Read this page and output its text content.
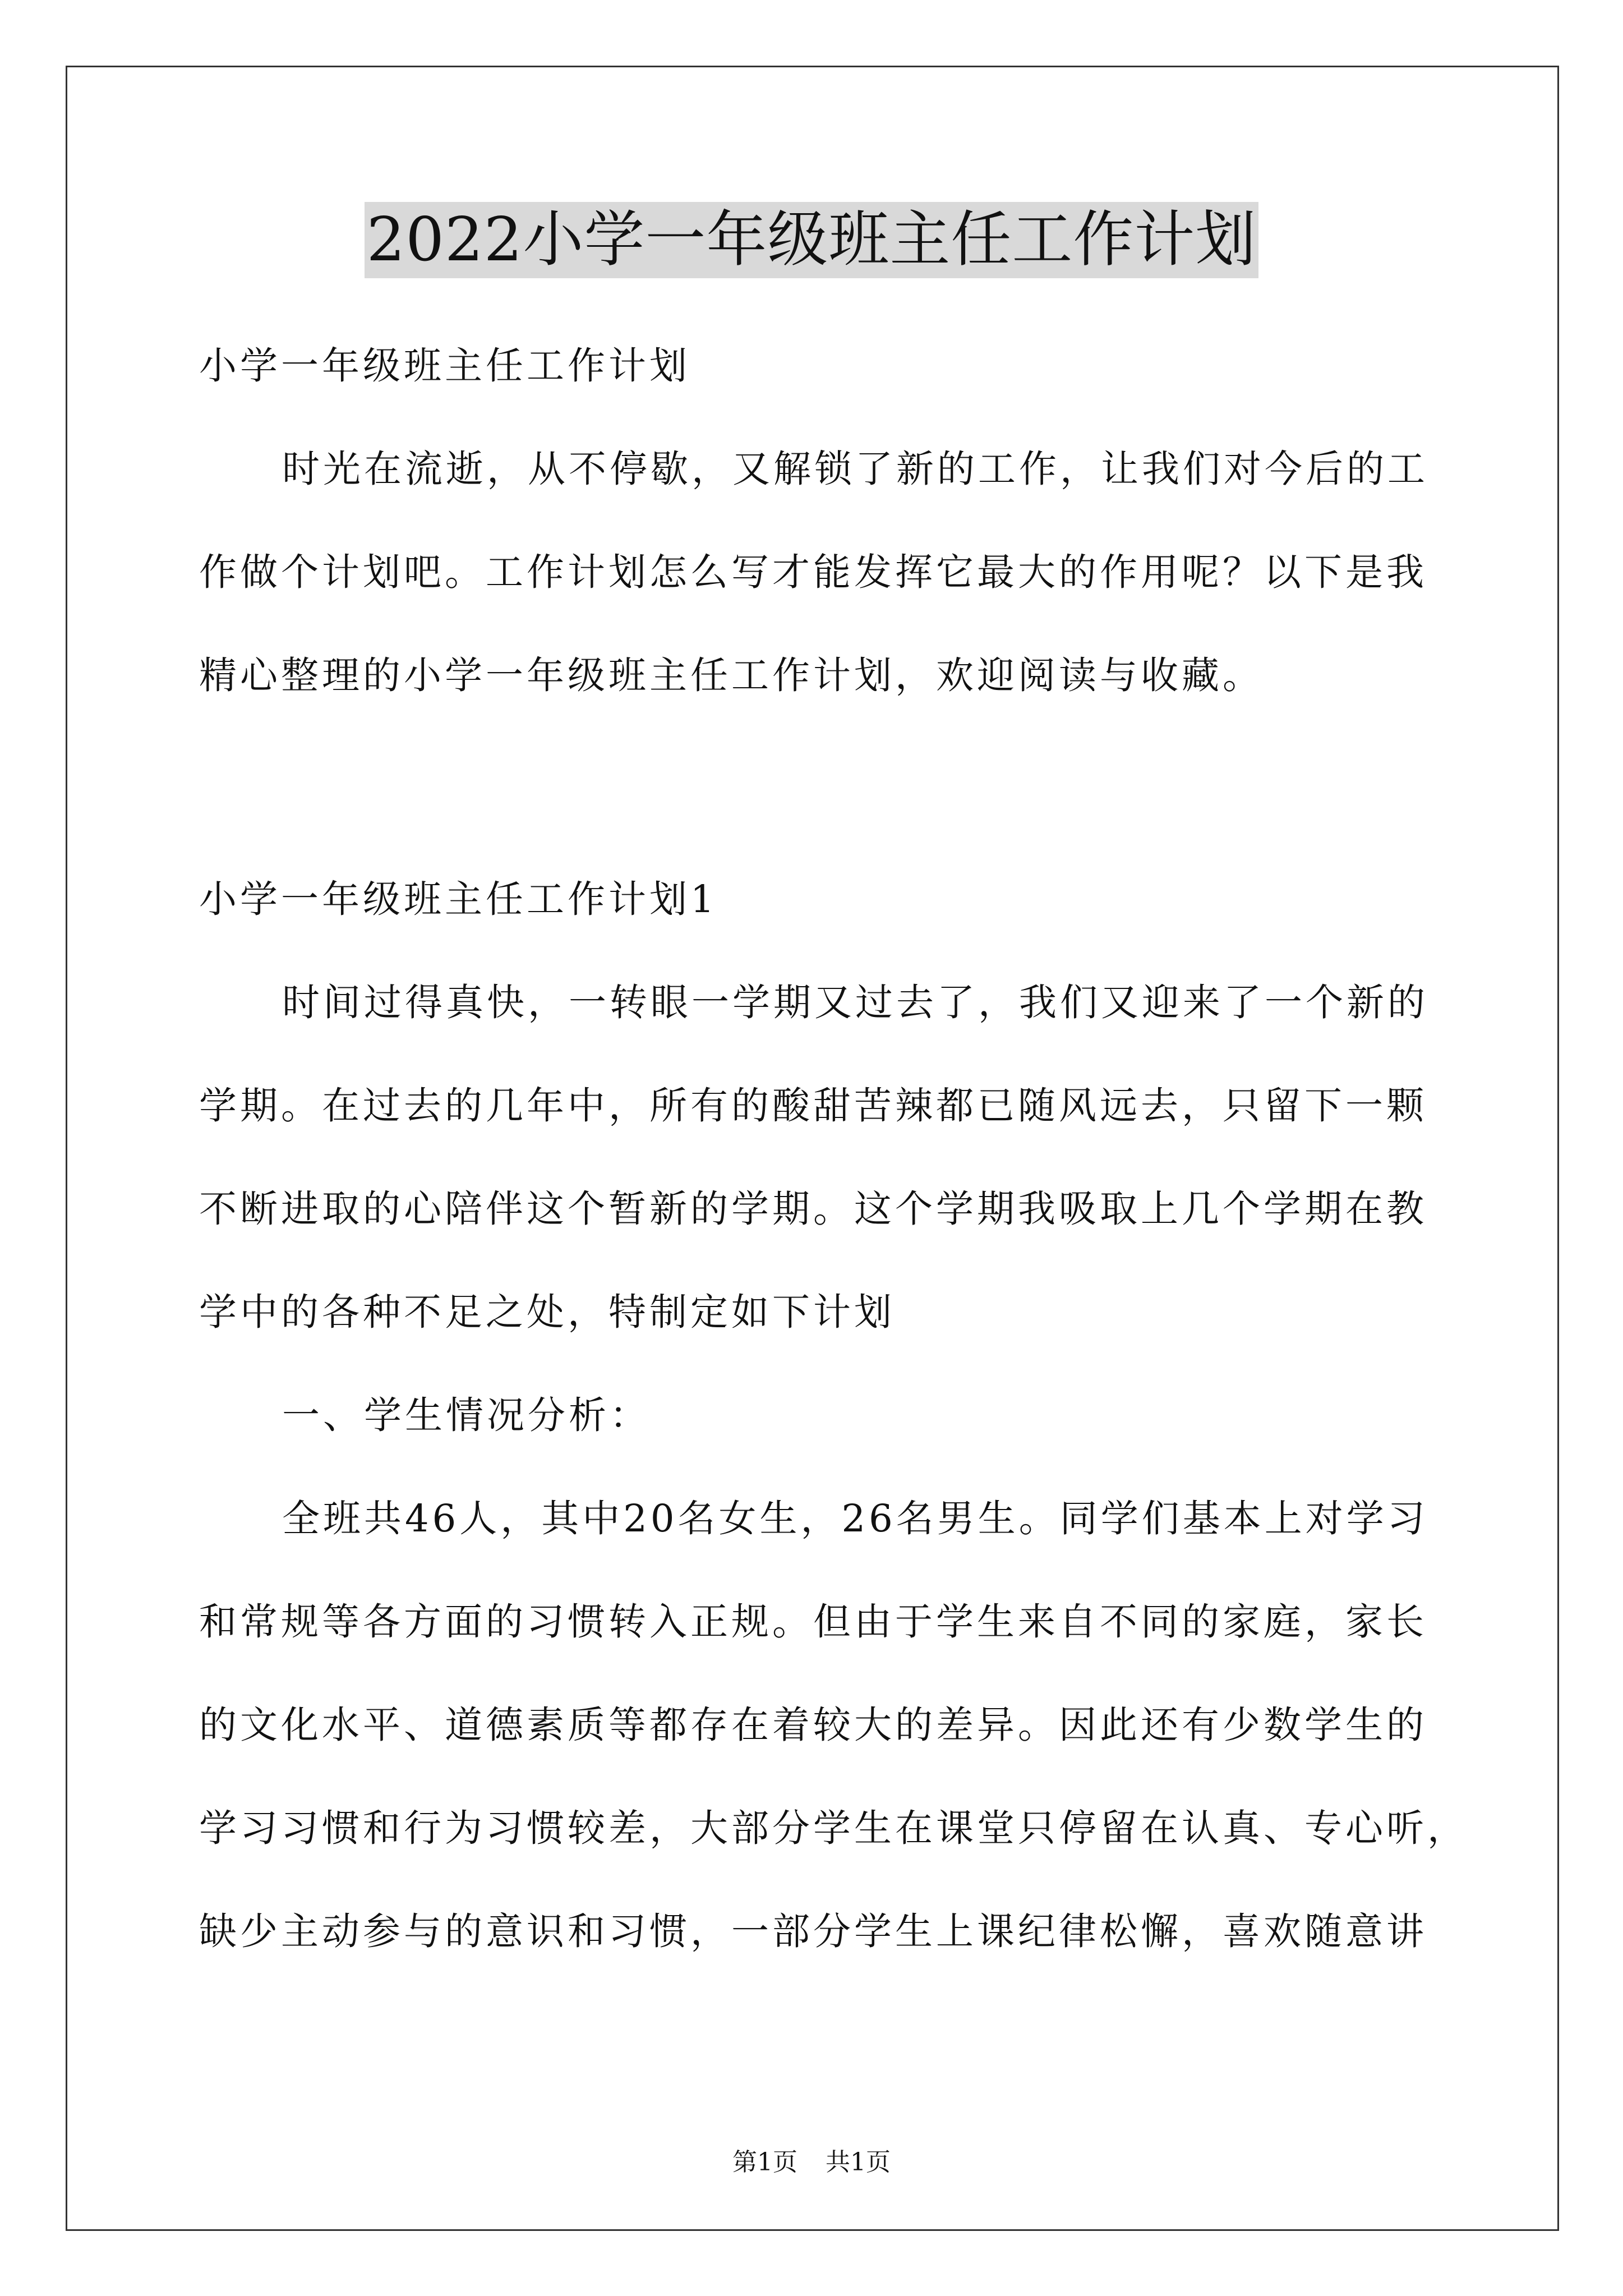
2022小学一年级班主任工作计划
小学一年级班主任工作计划
时光在流逝，从不停歇，又解锁了新的工作，让我们对今后的工
作做个计划吧。工作计划怎么写才能发挥它最大的作用呢？以下是我
精心整理的小学一年级班主任工作计划，欢迎阅读与收藏。
小学一年级班主任工作计划1
时间过得真快，一转眼一学期又过去了，我们又迎来了一个新的
学期。在过去的几年中，所有的酸甜苦辣都已随风远去，只留下一颗
不断进取的心陪伴这个暂新的学期。这个学期我吸取上几个学期在教
学中的各种不足之处，特制定如下计划
一、学生情况分析：
全班共46人，其中20名女生，26名男生。同学们基本上对学习
和常规等各方面的习惯转入正规。但由于学生来自不同的家庭，家长
的文化水平、道德素质等都存在着较大的差异。因此还有少数学生的
学习习惯和行为习惯较差，大部分学生在课堂只停留在认真、专心听，
缺少主动参与的意识和习惯，一部分学生上课纪律松懈，喜欢随意讲
第1页 共1页
